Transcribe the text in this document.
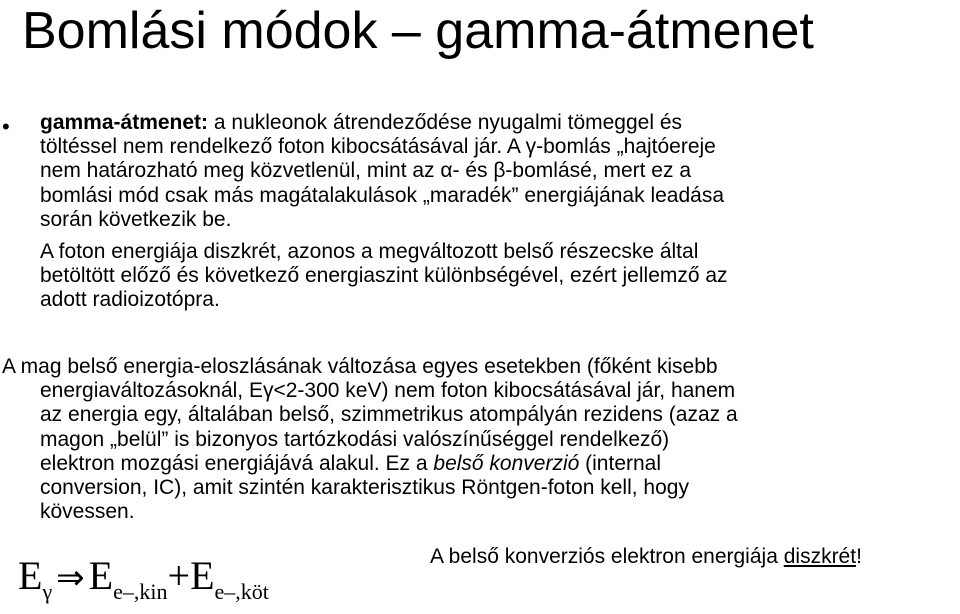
Bomlási módok – gamma-átmenet
• gamma-átmenet: a nukleonok átrendeződése nyugalmi tömeggel és
töltéssel nem rendelkező foton kibocsátásával jár. A γ-bomlás „hajtóereje
nem határozható meg közvetlenül, mint az α- és β-bomlásé, mert ez a
bomlási mód csak más magátalakulások „maradék” energiájának leadása
során következik be.
A foton energiája diszkrét, azonos a megváltozott belső részecske által
betöltött előző és következő energiaszint különbségével, ezért jellemző az
adott radioizotópra.
A mag belső energia-eloszlásának változása egyes esetekben (főként kisebb
energiaváltozásoknál, Eγ<2-300 keV) nem foton kibocsátásával jár, hanem
az energia egy, általában belső, szimmetrikus atompályán rezidens (azaz a
magon „belül” is bizonyos tartózkodási valószínűséggel rendelkező)
elektron mozgási energiájává alakul. Ez a belső konverzió (internal
conversion, IC), amit szintén karakterisztikus Röntgen-foton kell, hogy
kövessen.
$E_\gamma$ ⇒ $E_{e-,kin}+E_{e-,köt}$
A belső konverziós elektron energiája diszkrét!
